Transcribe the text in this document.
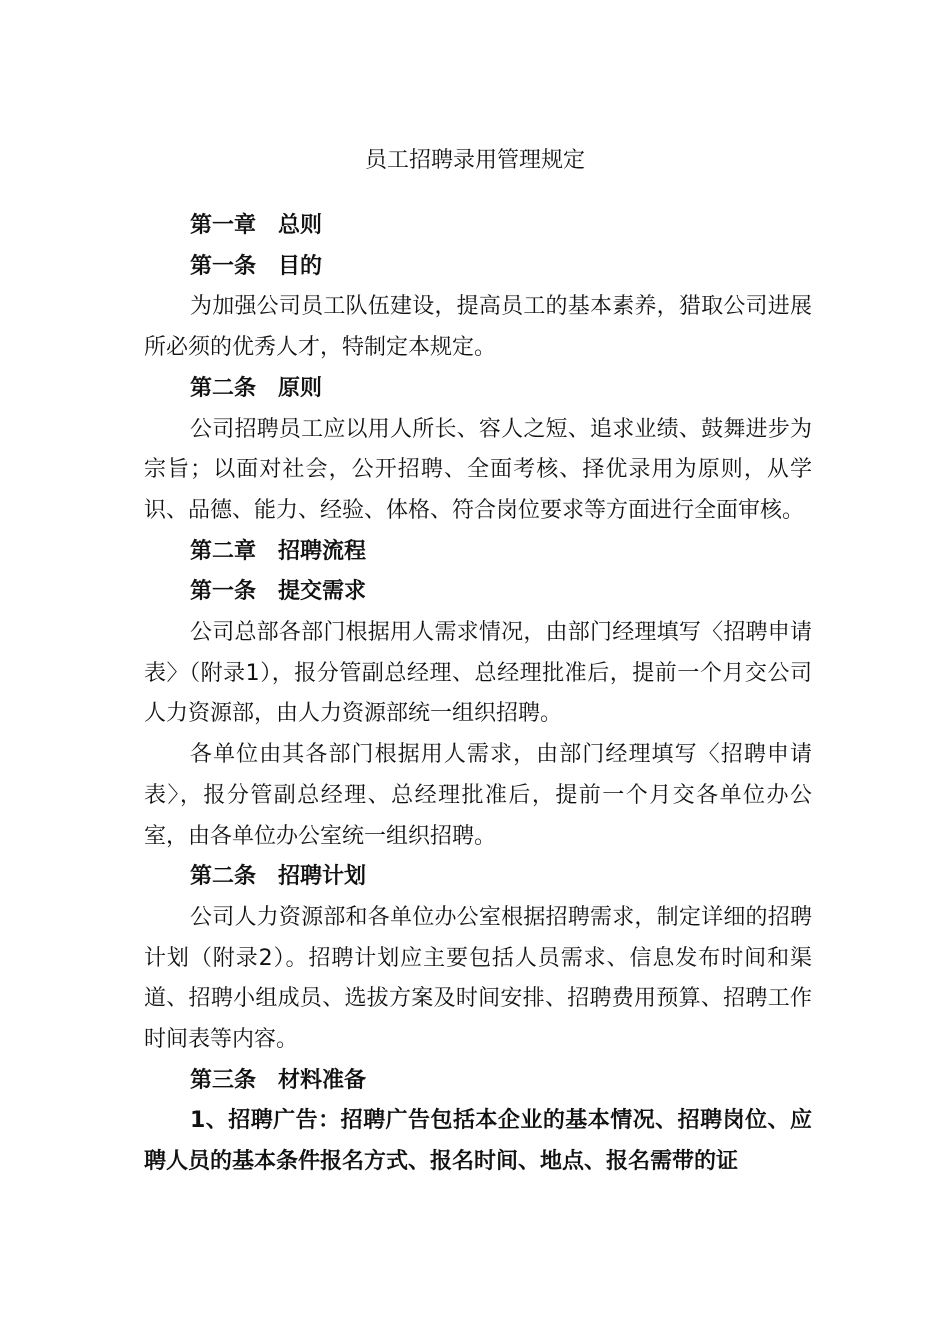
员工招聘录用管理规定

第一章　总则

第一条　目的

为加强公司员工队伍建设，提高员工的基本素养，猎取公司进展所必须的优秀人才，特制定本规定。

第二条　原则

公司招聘员工应以用人所长、容人之短、追求业绩、鼓舞进步为宗旨；以面对社会，公开招聘、全面考核、择优录用为原则，从学识、品德、能力、经验、体格、符合岗位要求等方面进行全面审核。

第二章　招聘流程

第一条　提交需求

公司总部各部门根据用人需求情况，由部门经理填写〈招聘申请表〉（附录1），报分管副总经理、总经理批准后，提前一个月交公司人力资源部，由人力资源部统一组织招聘。

各单位由其各部门根据用人需求，由部门经理填写〈招聘申请表〉，报分管副总经理、总经理批准后，提前一个月交各单位办公室，由各单位办公室统一组织招聘。

第二条　招聘计划

公司人力资源部和各单位办公室根据招聘需求，制定详细的招聘计划（附录2）。招聘计划应主要包括人员需求、信息发布时间和渠道、招聘小组成员、选拔方案及时间安排、招聘费用预算、招聘工作时间表等内容。

第三条　材料准备

1、招聘广告：招聘广告包括本企业的基本情况、招聘岗位、应聘人员的基本条件报名方式、报名时间、地点、报名需带的证
